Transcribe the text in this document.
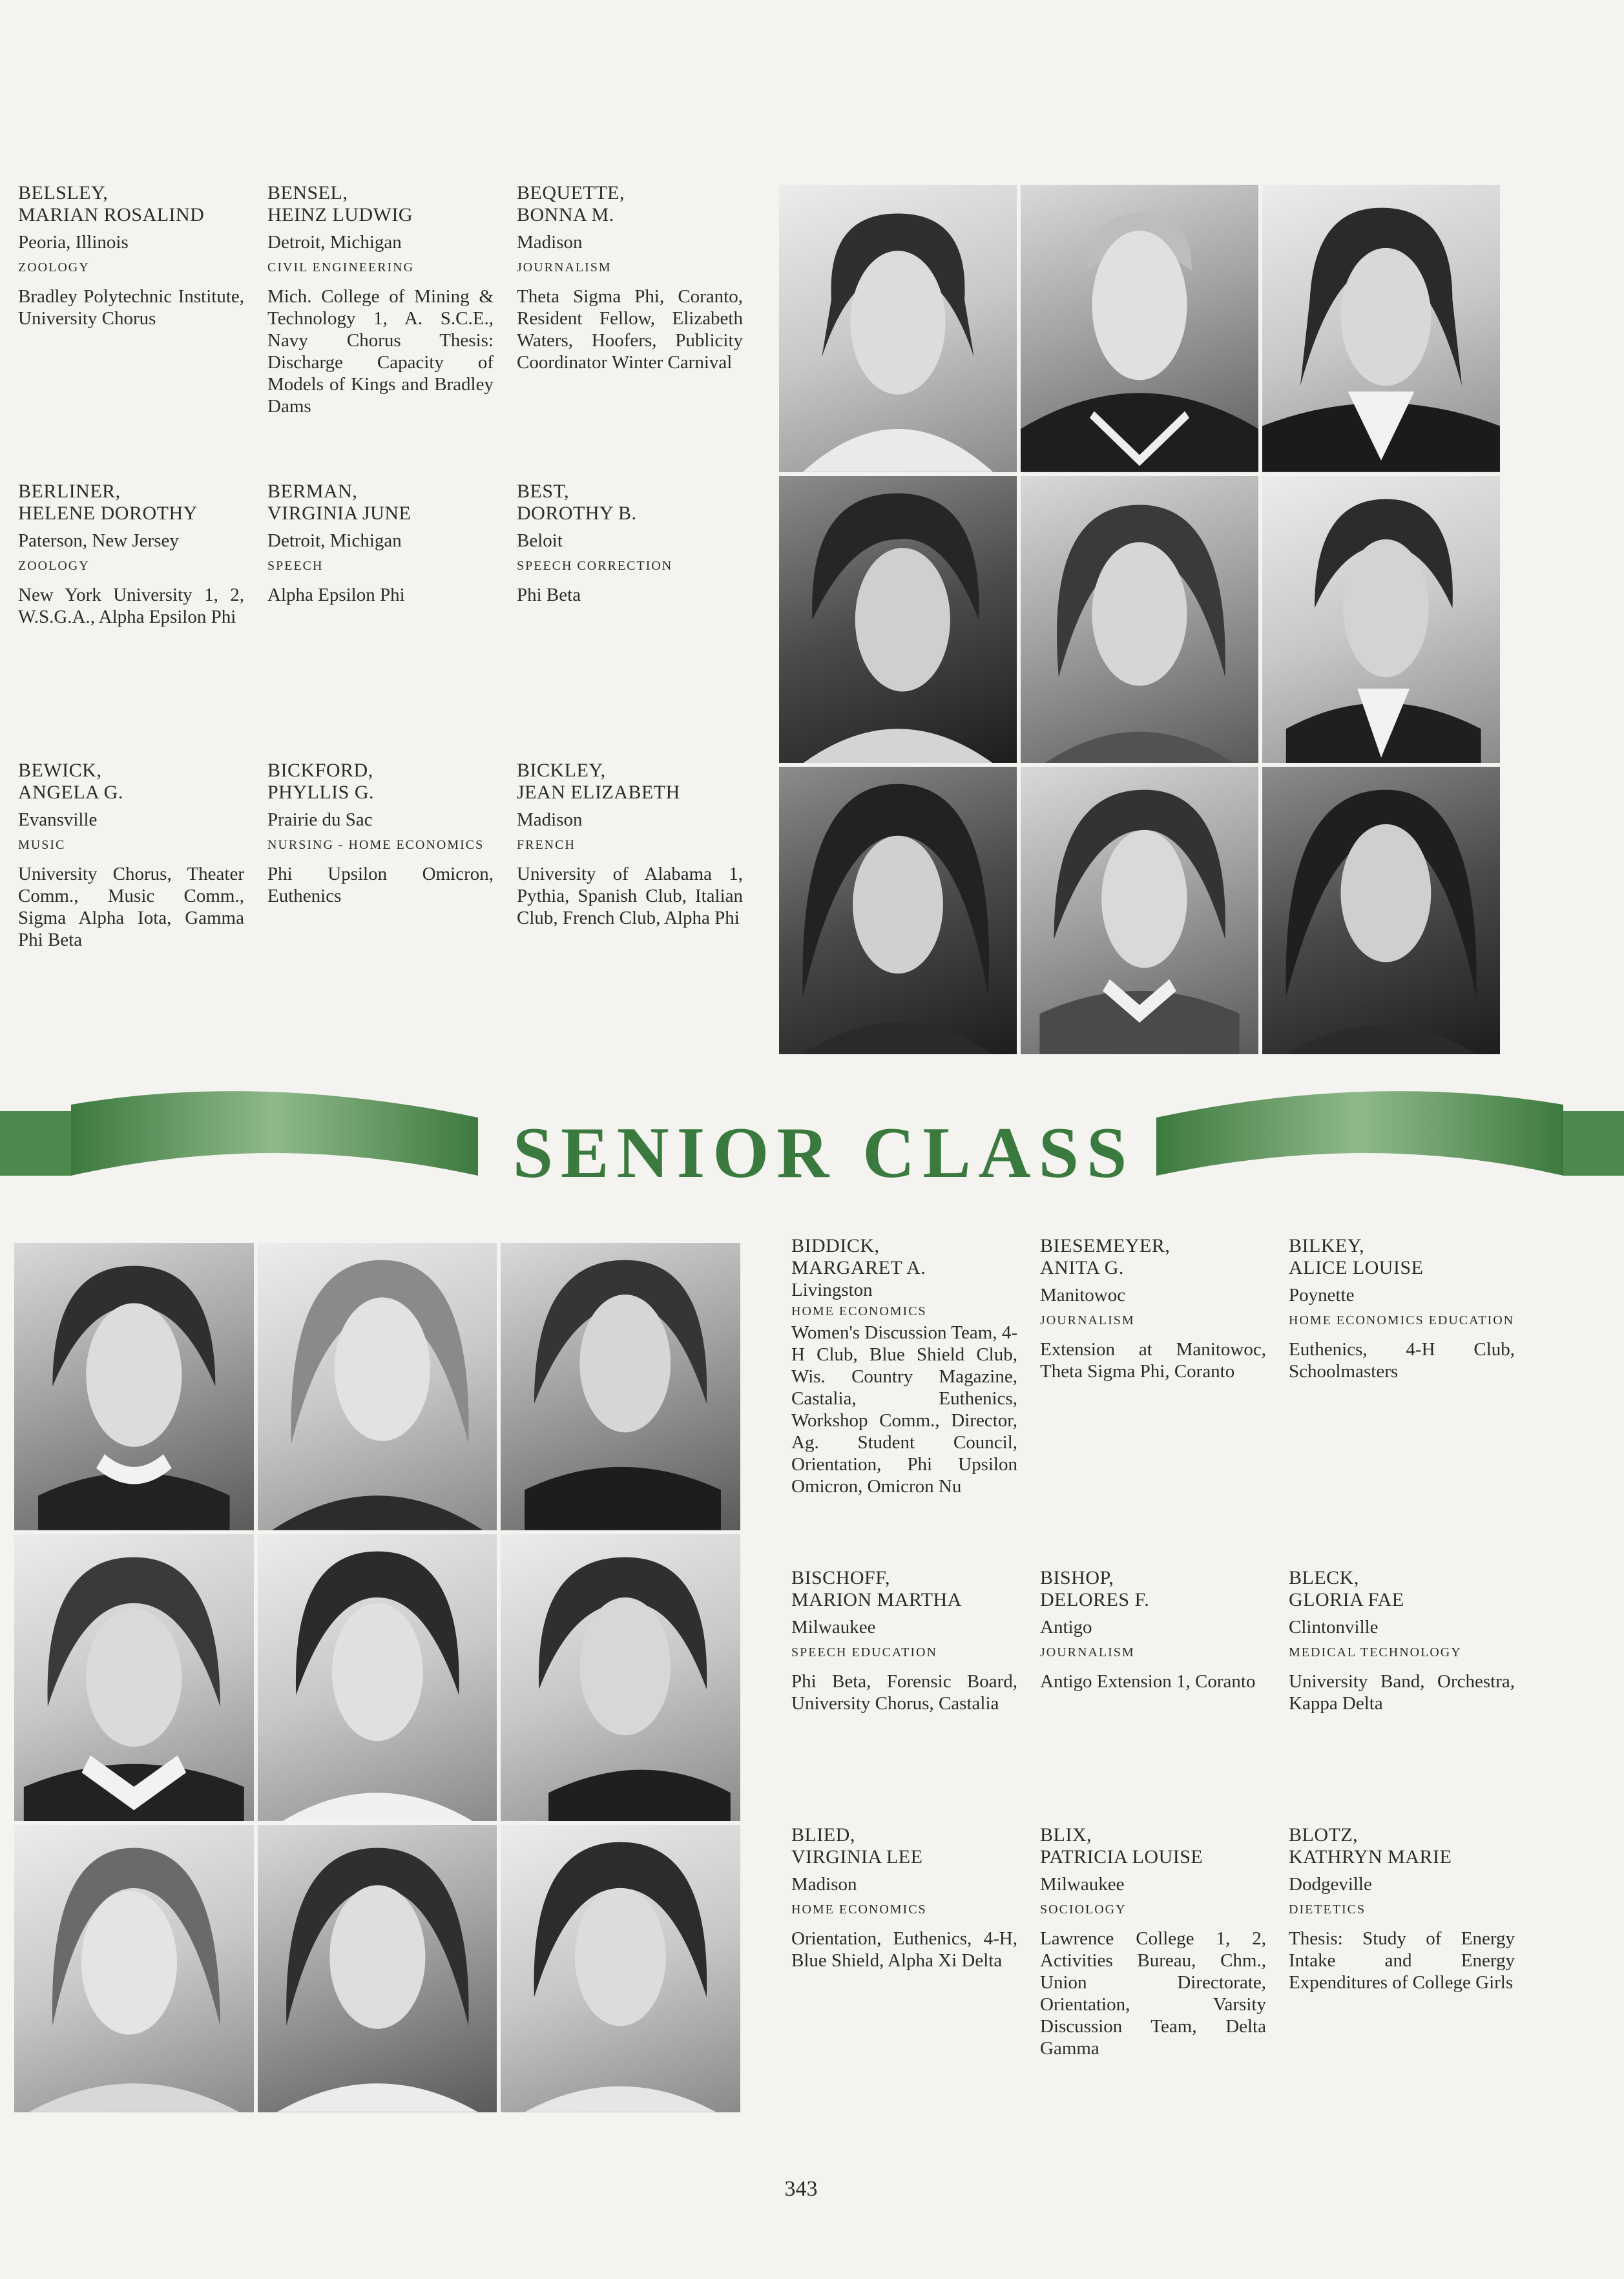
BELSLEY,
MARIAN ROSALIND
Peoria, Illinois
ZOOLOGY
Bradley Polytechnic Institute, University Chorus
BENSEL,
HEINZ LUDWIG
Detroit, Michigan
CIVIL ENGINEERING
Mich. College of Mining & Technology 1, A. S.C.E., Navy Chorus Thesis: Discharge Capacity of Models of Kings and Bradley Dams
BEQUETTE,
BONNA M.
Madison
JOURNALISM
Theta Sigma Phi, Coranto, Resident Fellow, Elizabeth Waters, Hoofers, Publicity Coordinator Winter Carnival
BERLINER,
HELENE DOROTHY
Paterson, New Jersey
ZOOLOGY
New York University 1, 2, W.S.G.A., Alpha Epsilon Phi
BERMAN,
VIRGINIA JUNE
Detroit, Michigan
SPEECH
Alpha Epsilon Phi
BEST,
DOROTHY B.
Beloit
SPEECH CORRECTION
Phi Beta
BEWICK,
ANGELA G.
Evansville
MUSIC
University Chorus, Theater Comm., Music Comm., Sigma Alpha Iota, Gamma Phi Beta
BICKFORD,
PHYLLIS G.
Prairie du Sac
NURSING - HOME ECONOMICS
Phi Upsilon Omicron, Euthenics
BICKLEY,
JEAN ELIZABETH
Madison
FRENCH
University of Alabama 1, Pythia, Spanish Club, Italian Club, French Club, Alpha Phi
SENIOR CLASS
BIDDICK,
MARGARET A.
Livingston
HOME ECONOMICS
Women's Discussion Team, 4-H Club, Blue Shield Club, Wis. Country Magazine, Castalia, Euthenics, Workshop Comm., Director, Ag. Student Council, Orientation, Phi Upsilon Omicron, Omicron Nu
BIESEMEYER,
ANITA G.
Manitowoc
JOURNALISM
Extension at Manitowoc, Theta Sigma Phi, Coranto
BILKEY,
ALICE LOUISE
Poynette
HOME ECONOMICS EDUCATION
Euthenics, 4-H Club, Schoolmasters
BISCHOFF,
MARION MARTHA
Milwaukee
SPEECH EDUCATION
Phi Beta, Forensic Board, University Chorus, Castalia
BISHOP,
DELORES F.
Antigo
JOURNALISM
Antigo Extension 1, Coranto
BLECK,
GLORIA FAE
Clintonville
MEDICAL TECHNOLOGY
University Band, Orchestra, Kappa Delta
BLIED,
VIRGINIA LEE
Madison
HOME ECONOMICS
Orientation, Euthenics, 4-H, Blue Shield, Alpha Xi Delta
BLIX,
PATRICIA LOUISE
Milwaukee
SOCIOLOGY
Lawrence College 1, 2, Activities Bureau, Chm., Union Directorate, Orientation, Varsity Discussion Team, Delta Gamma
BLOTZ,
KATHRYN MARIE
Dodgeville
DIETETICS
Thesis: Study of Energy Intake and Energy Expenditures of College Girls
343
